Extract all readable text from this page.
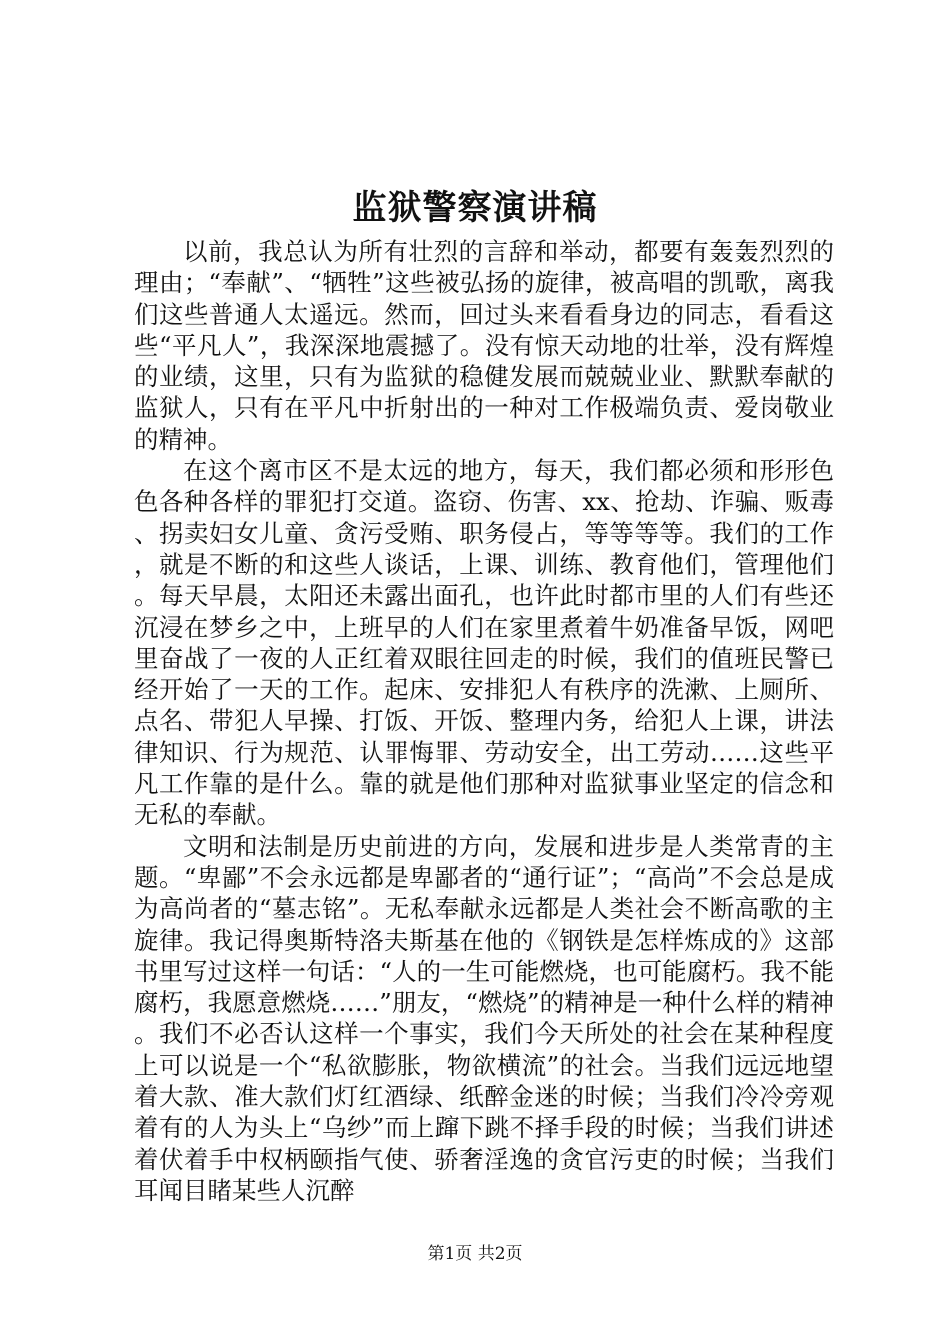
监狱警察演讲稿

以前，我总认为所有壮烈的言辞和举动，都要有轰轰烈烈的理由；“奉献”、“牺牲”这些被弘扬的旋律，被高唱的凯歌，离我们这些普通人太遥远。然而，回过头来看看身边的同志，看看这些“平凡人”，我深深地震撼了。没有惊天动地的壮举，没有辉煌的业绩，这里，只有为监狱的稳健发展而兢兢业业、默默奉献的监狱人，只有在平凡中折射出的一种对工作极端负责、爱岗敬业的精神。

在这个离市区不是太远的地方，每天，我们都必须和形形色色各种各样的罪犯打交道。盗窃、伤害、xx、抢劫、诈骗、贩毒、拐卖妇女儿童、贪污受贿、职务侵占，等等等等。我们的工作，就是不断的和这些人谈话，上课、训练、教育他们，管理他们。每天早晨，太阳还未露出面孔，也许此时都市里的人们有些还沉浸在梦乡之中，上班早的人们在家里煮着牛奶准备早饭，网吧里奋战了一夜的人正红着双眼往回走的时候，我们的值班民警已经开始了一天的工作。起床、安排犯人有秩序的洗漱、上厕所、点名、带犯人早操、打饭、开饭、整理内务，给犯人上课，讲法律知识、行为规范、认罪悔罪、劳动安全，出工劳动……这些平凡工作靠的是什么。靠的就是他们那种对监狱事业坚定的信念和无私的奉献。

文明和法制是历史前进的方向，发展和进步是人类常青的主题。“卑鄙”不会永远都是卑鄙者的“通行证”；“高尚”不会总是成为高尚者的“墓志铭”。无私奉献永远都是人类社会不断高歌的主旋律。我记得奥斯特洛夫斯基在他的《钢铁是怎样炼成的》这部书里写过这样一句话：“人的一生可能燃烧，也可能腐朽。我不能腐朽，我愿意燃烧……”朋友，“燃烧”的精神是一种什么样的精神。我们不必否认这样一个事实，我们今天所处的社会在某种程度上可以说是一个“私欲膨胀，物欲横流”的社会。当我们远远地望着大款、准大款们灯红酒绿、纸醉金迷的时候；当我们冷冷旁观着有的人为头上“乌纱”而上蹿下跳不择手段的时候；当我们讲述着伏着手中权柄颐指气使、骄奢淫逸的贪官污吏的时候；当我们耳闻目睹某些人沉醉

第1页 共2页
